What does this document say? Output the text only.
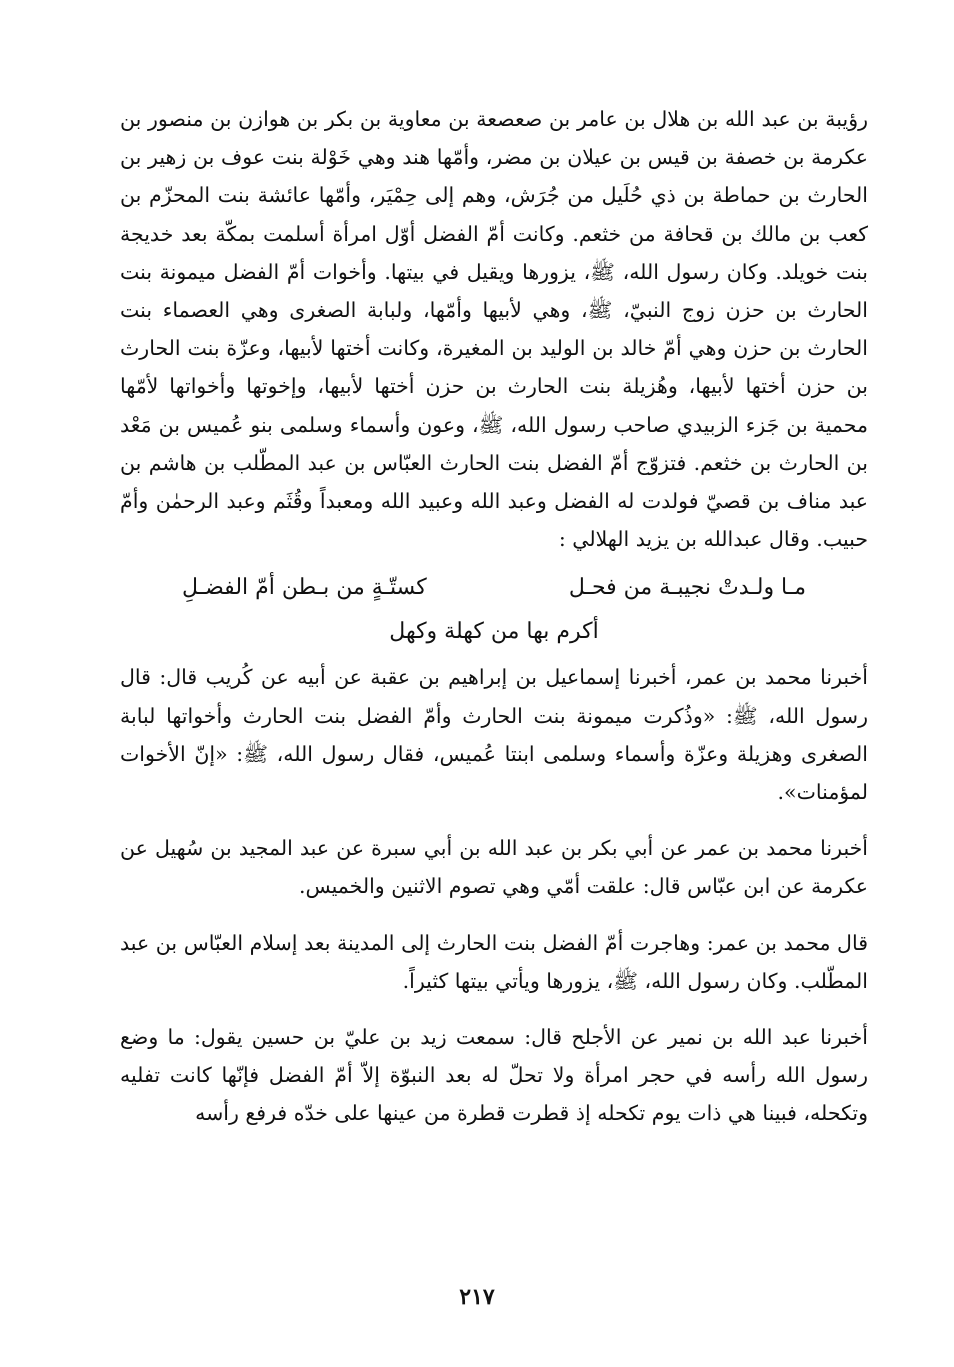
رؤيبة بن عبد الله بن هلال بن عامر بن صعصعة بن معاوية بن بكر بن هوازن بن منصور بن عكرمة بن خصفة بن قيس بن عيلان بن مضر، وأمّها هند وهي خَوْلة بنت عوف بن زهير بن الحارث بن حماطة بن ذي حُلَيل من جُرَش، وهم إلى حِمْيَر، وأمّها عائشة بنت المحزّم بن كعب بن مالك بن قحافة من خثعم. وكانت أمّ الفضل أوّل امرأة أسلمت بمكّة بعد خديجة بنت خويلد. وكان رسول الله، ﷺ، يزورها ويقيل في بيتها. وأخوات أمّ الفضل ميمونة بنت الحارث بن حزن زوج النبيّ، ﷺ، وهي لأبيها وأمّها، ولبابة الصغرى وهي العصماء بنت الحارث بن حزن وهي أمّ خالد بن الوليد بن المغيرة، وكانت أختها لأبيها، وعزّة بنت الحارث بن حزن أختها لأبيها، وهُزيلة بنت الحارث بن حزن أختها لأبيها، وإخوتها وأخواتها لأمّها محمية بن جَزء الزبيدي صاحب رسول الله، ﷺ، وعون وأسماء وسلمى بنو عُميس بن مَعْد بن الحارث بن خثعم. فتزوّج أمّ الفضل بنت الحارث العبّاس بن عبد المطّلب بن هاشم بن عبد مناف بن قصيّ فولدت له الفضل وعبد الله وعبيد الله ومعبداً وقُثَم وعبد الرحمٰن وأمّ حبيب. وقال عبدالله بن يزيد الهلالي :

مـا ولـدتْ نجيبـة من فحـل
كستّـةٍ من بـطن أمّ الفضـلِ
أكرم بها من كهلة وكهل

أخبرنا محمد بن عمر، أخبرنا إسماعيل بن إبراهيم بن عقبة عن أبيه عن كُريب قال: قال رسول الله، ﷺ: «وذُكرت ميمونة بنت الحارث وأمّ الفضل بنت الحارث وأخواتها لبابة الصغرى وهزيلة وعزّة وأسماء وسلمى ابنتا عُميس، فقال رسول الله، ﷺ: «إنّ الأخوات لمؤمنات».

أخبرنا محمد بن عمر عن أبي بكر بن عبد الله بن أبي سبرة عن عبد المجيد بن سُهيل عن عكرمة عن ابن عبّاس قال: علقت أمّي وهي تصوم الاثنين والخميس.

قال محمد بن عمر: وهاجرت أمّ الفضل بنت الحارث إلى المدينة بعد إسلام العبّاس بن عبد المطّلب. وكان رسول الله، ﷺ، يزورها ويأتي بيتها كثيراً.

أخبرنا عبد الله بن نمير عن الأجلح قال: سمعت زيد بن عليّ بن حسين يقول: ما وضع رسول الله رأسه في حجر امرأة ولا تحلّ له بعد النبوّة إلاّ أمّ الفضل فإنّها كانت تفليه وتكحله، فبينا هي ذات يوم تكحله إذ قطرت قطرة من عينها على خدّه فرفع رأسه

٢١٧
